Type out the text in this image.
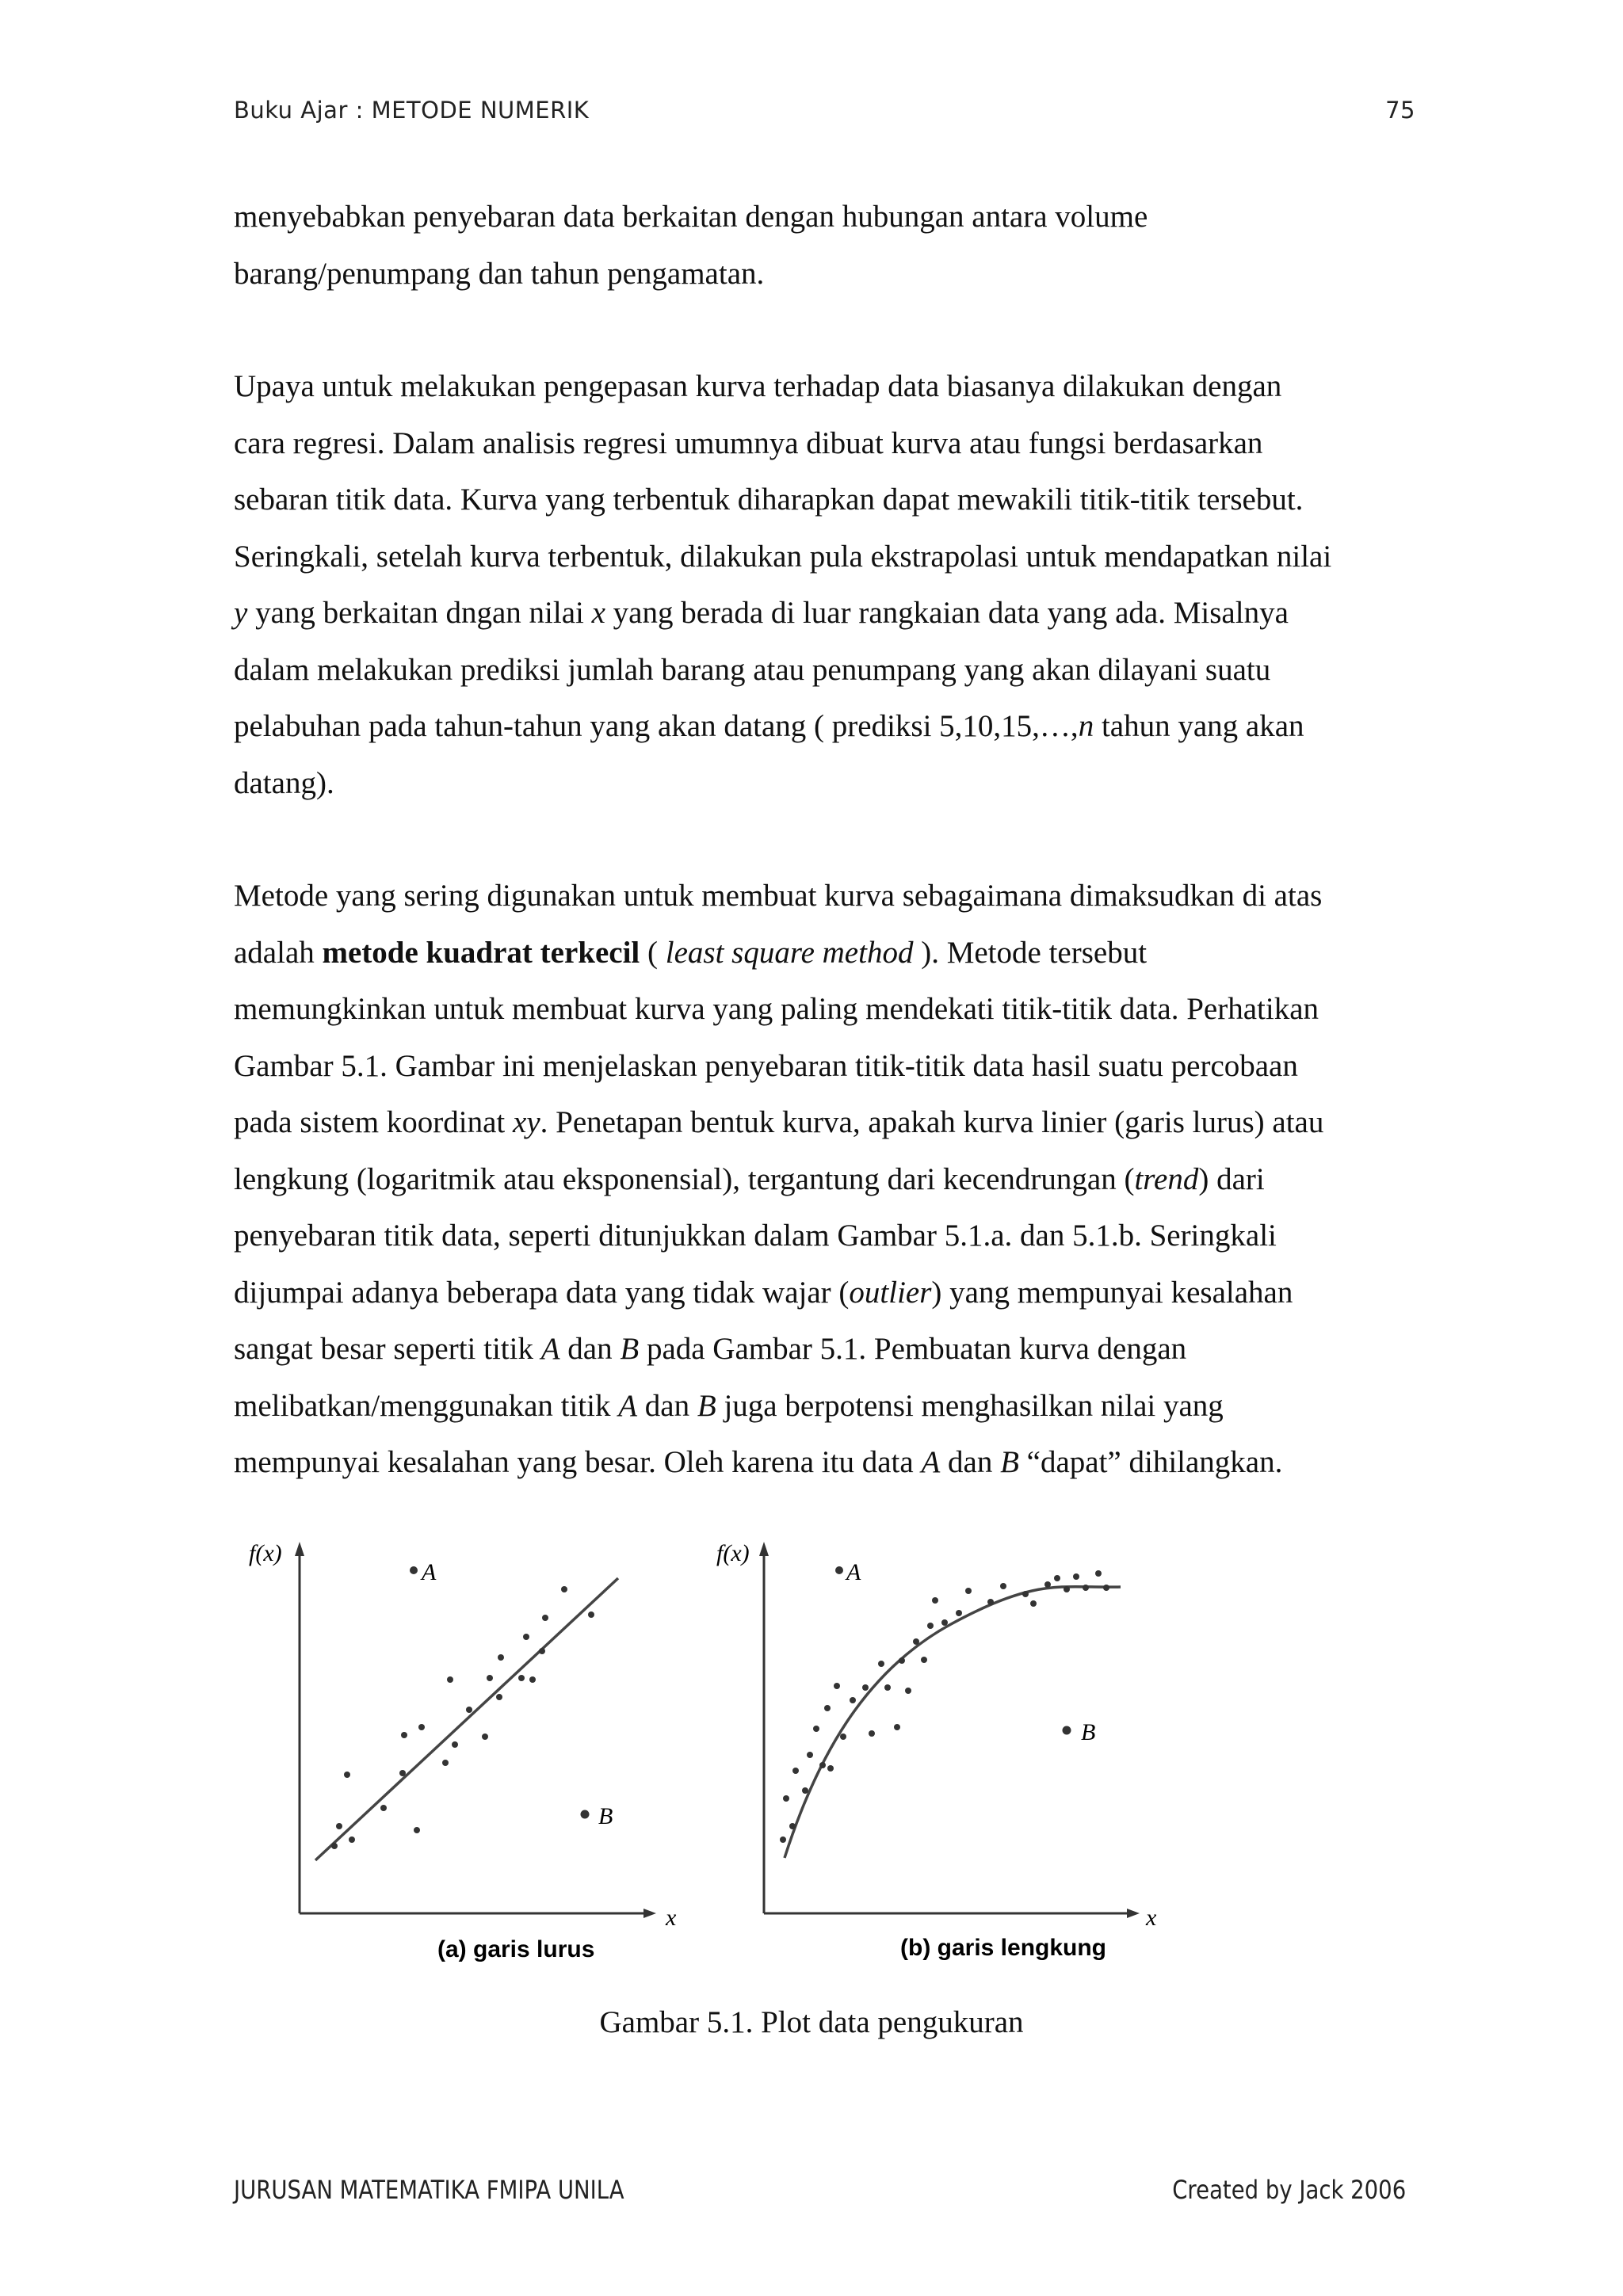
Buku Ajar : METODE NUMERIK	75
menyebabkan penyebaran data berkaitan dengan hubungan antara volume
barang/penumpang dan tahun pengamatan.
Upaya untuk melakukan pengepasan kurva terhadap data biasanya dilakukan dengan
cara regresi. Dalam analisis regresi umumnya dibuat kurva atau fungsi berdasarkan
sebaran titik data. Kurva yang terbentuk diharapkan dapat mewakili titik-titik tersebut.
Seringkali, setelah kurva terbentuk, dilakukan pula ekstrapolasi untuk mendapatkan nilai
y yang berkaitan dngan nilai x yang berada di luar rangkaian data yang ada. Misalnya
dalam melakukan prediksi jumlah barang atau penumpang yang akan dilayani suatu
pelabuhan pada tahun-tahun yang akan datang ( prediksi 5,10,15,…,n tahun yang akan
datang).
Metode yang sering digunakan untuk membuat kurva sebagaimana dimaksudkan di atas
adalah metode kuadrat terkecil ( least square method ). Metode tersebut
memungkinkan untuk membuat kurva yang paling mendekati titik-titik data. Perhatikan
Gambar 5.1. Gambar ini menjelaskan penyebaran titik-titik data hasil suatu percobaan
pada sistem koordinat xy. Penetapan bentuk kurva, apakah kurva linier (garis lurus) atau
lengkung (logaritmik atau eksponensial), tergantung dari kecendrungan (trend) dari
penyebaran titik data, seperti ditunjukkan dalam Gambar 5.1.a. dan 5.1.b. Seringkali
dijumpai adanya beberapa data yang tidak wajar (outlier) yang mempunyai kesalahan
sangat besar seperti titik A dan B pada Gambar 5.1. Pembuatan kurva dengan
melibatkan/menggunakan titik A dan B juga berpotensi menghasilkan nilai yang
mempunyai kesalahan yang besar. Oleh karena itu data A dan B “dapat” dihilangkan.
f(x)
x
A
B
(a) garis lurus
f(x)
x
A
B
(b) garis lengkung
Gambar 5.1. Plot data pengukuran
JURUSAN MATEMATIKA FMIPA UNILA	Created by Jack 2006
